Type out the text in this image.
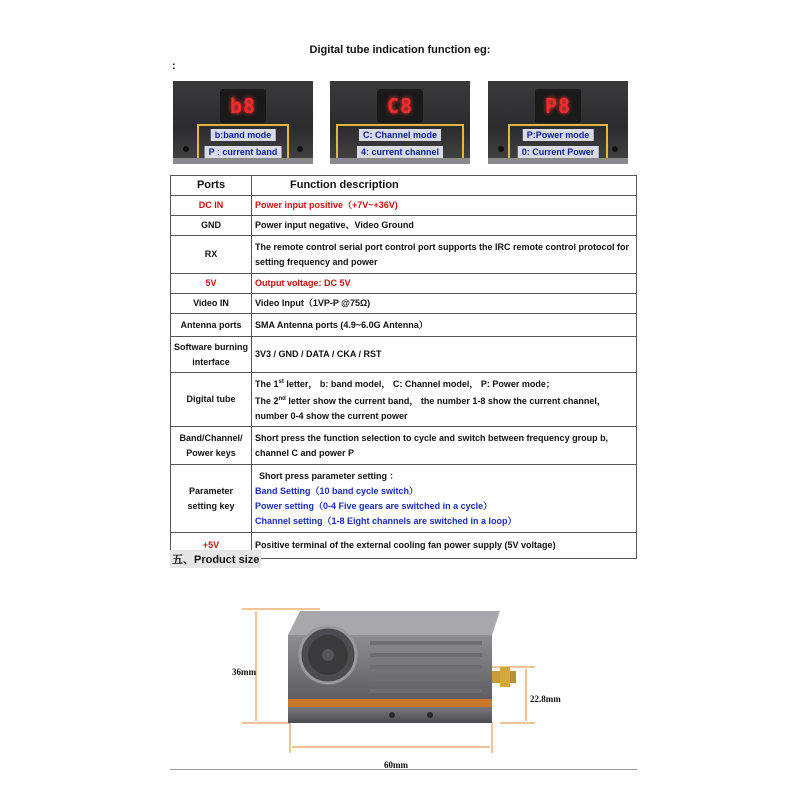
Digital tube indication function eg:
:
b8
b:band mode
P : current band
C8
C: Channel mode
4: current channel
P8
P:Power mode
0: Current Power
Ports	Function description
DC IN	Power input positive（+7V~+36V)
GND	Power input negative、Video Ground
RX	The remote control serial port control port supports the IRC remote control protocol for setting frequency and power
5V	Output voltage: DC 5V
Video IN	Video Input（1VP-P @75Ω)
Antenna ports	SMA Antenna ports (4.9~6.0G Antenna）
Software burning interface	3V3 / GND / DATA / CKA / RST
Digital tube	The 1st letter， b: band model， C: Channel model， P: Power mode；
The 2nd letter show the current band， the number 1-8 show the current channel，
number 0-4 show the current power

Band/Channel/ Power keys	Short press the function selection to cycle and switch between frequency group b, channel C and power P
Parameter setting key	Short press parameter setting ：
Band Setting（10 band cycle switch）
Power setting（0-4 Five gears are switched in a cycle）
Channel setting（1-8 Eight channels are switched in a loop）

+5V	Positive terminal of the external cooling fan power supply (5V voltage)
五、Product size
36mm
22.8mm
60mm
